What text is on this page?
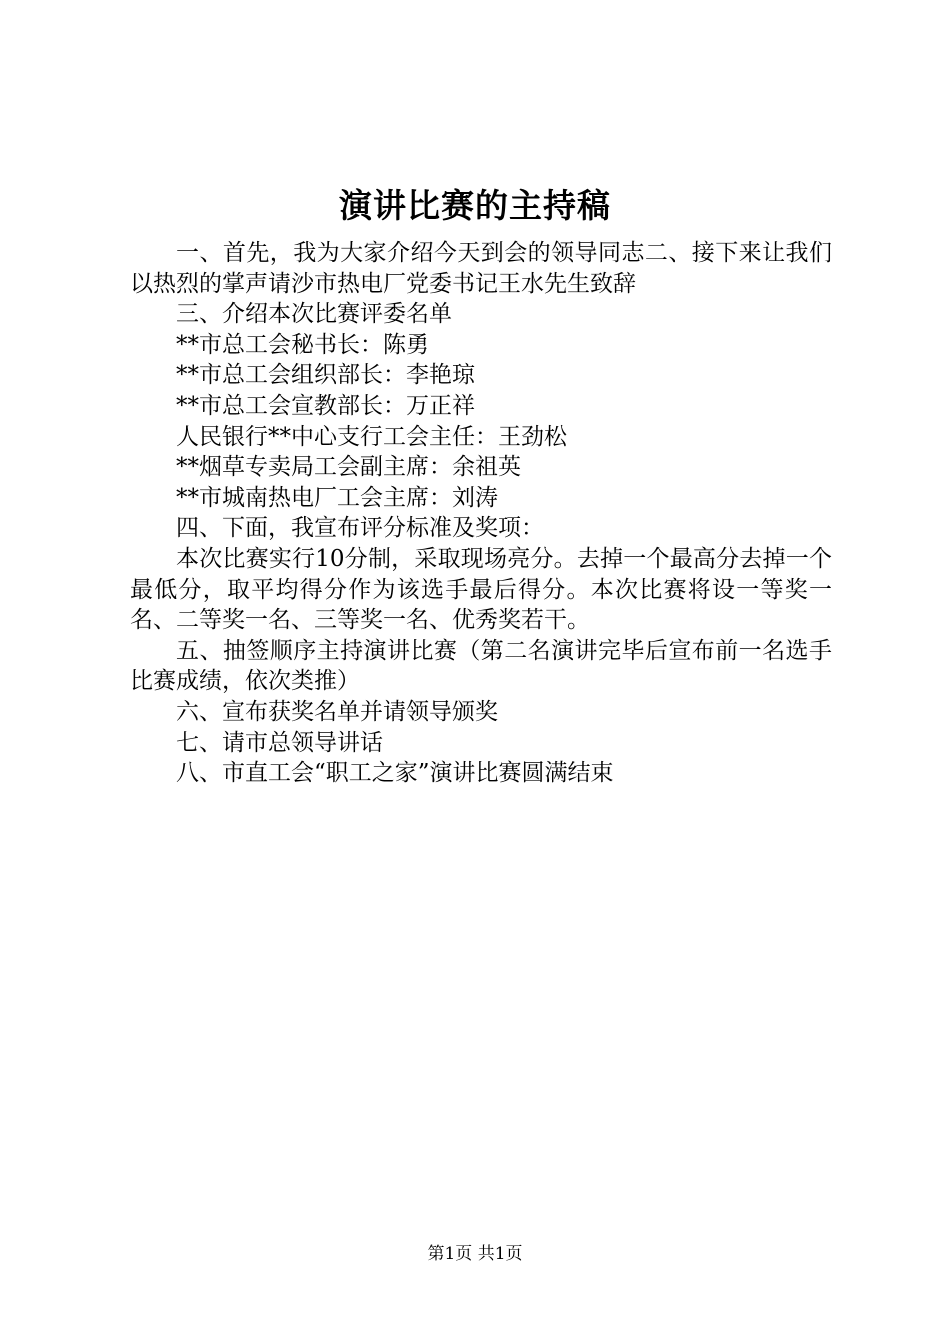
演讲比赛的主持稿

一、首先，我为大家介绍今天到会的领导同志二、接下来让我们以热烈的掌声请沙市热电厂党委书记王水先生致辞

三、介绍本次比赛评委名单

**市总工会秘书长：陈勇

**市总工会组织部长：李艳琼

**市总工会宣教部长：万正祥

人民银行**中心支行工会主任：王劲松

**烟草专卖局工会副主席：余祖英

**市城南热电厂工会主席：刘涛

四、下面，我宣布评分标准及奖项：

本次比赛实行10分制，采取现场亮分。去掉一个最高分去掉一个最低分，取平均得分作为该选手最后得分。本次比赛将设一等奖一名、二等奖一名、三等奖一名、优秀奖若干。

五、抽签顺序主持演讲比赛（第二名演讲完毕后宣布前一名选手比赛成绩，依次类推）

六、宣布获奖名单并请领导颁奖

七、请市总领导讲话

八、市直工会“职工之家”演讲比赛圆满结束

第1页 共1页
